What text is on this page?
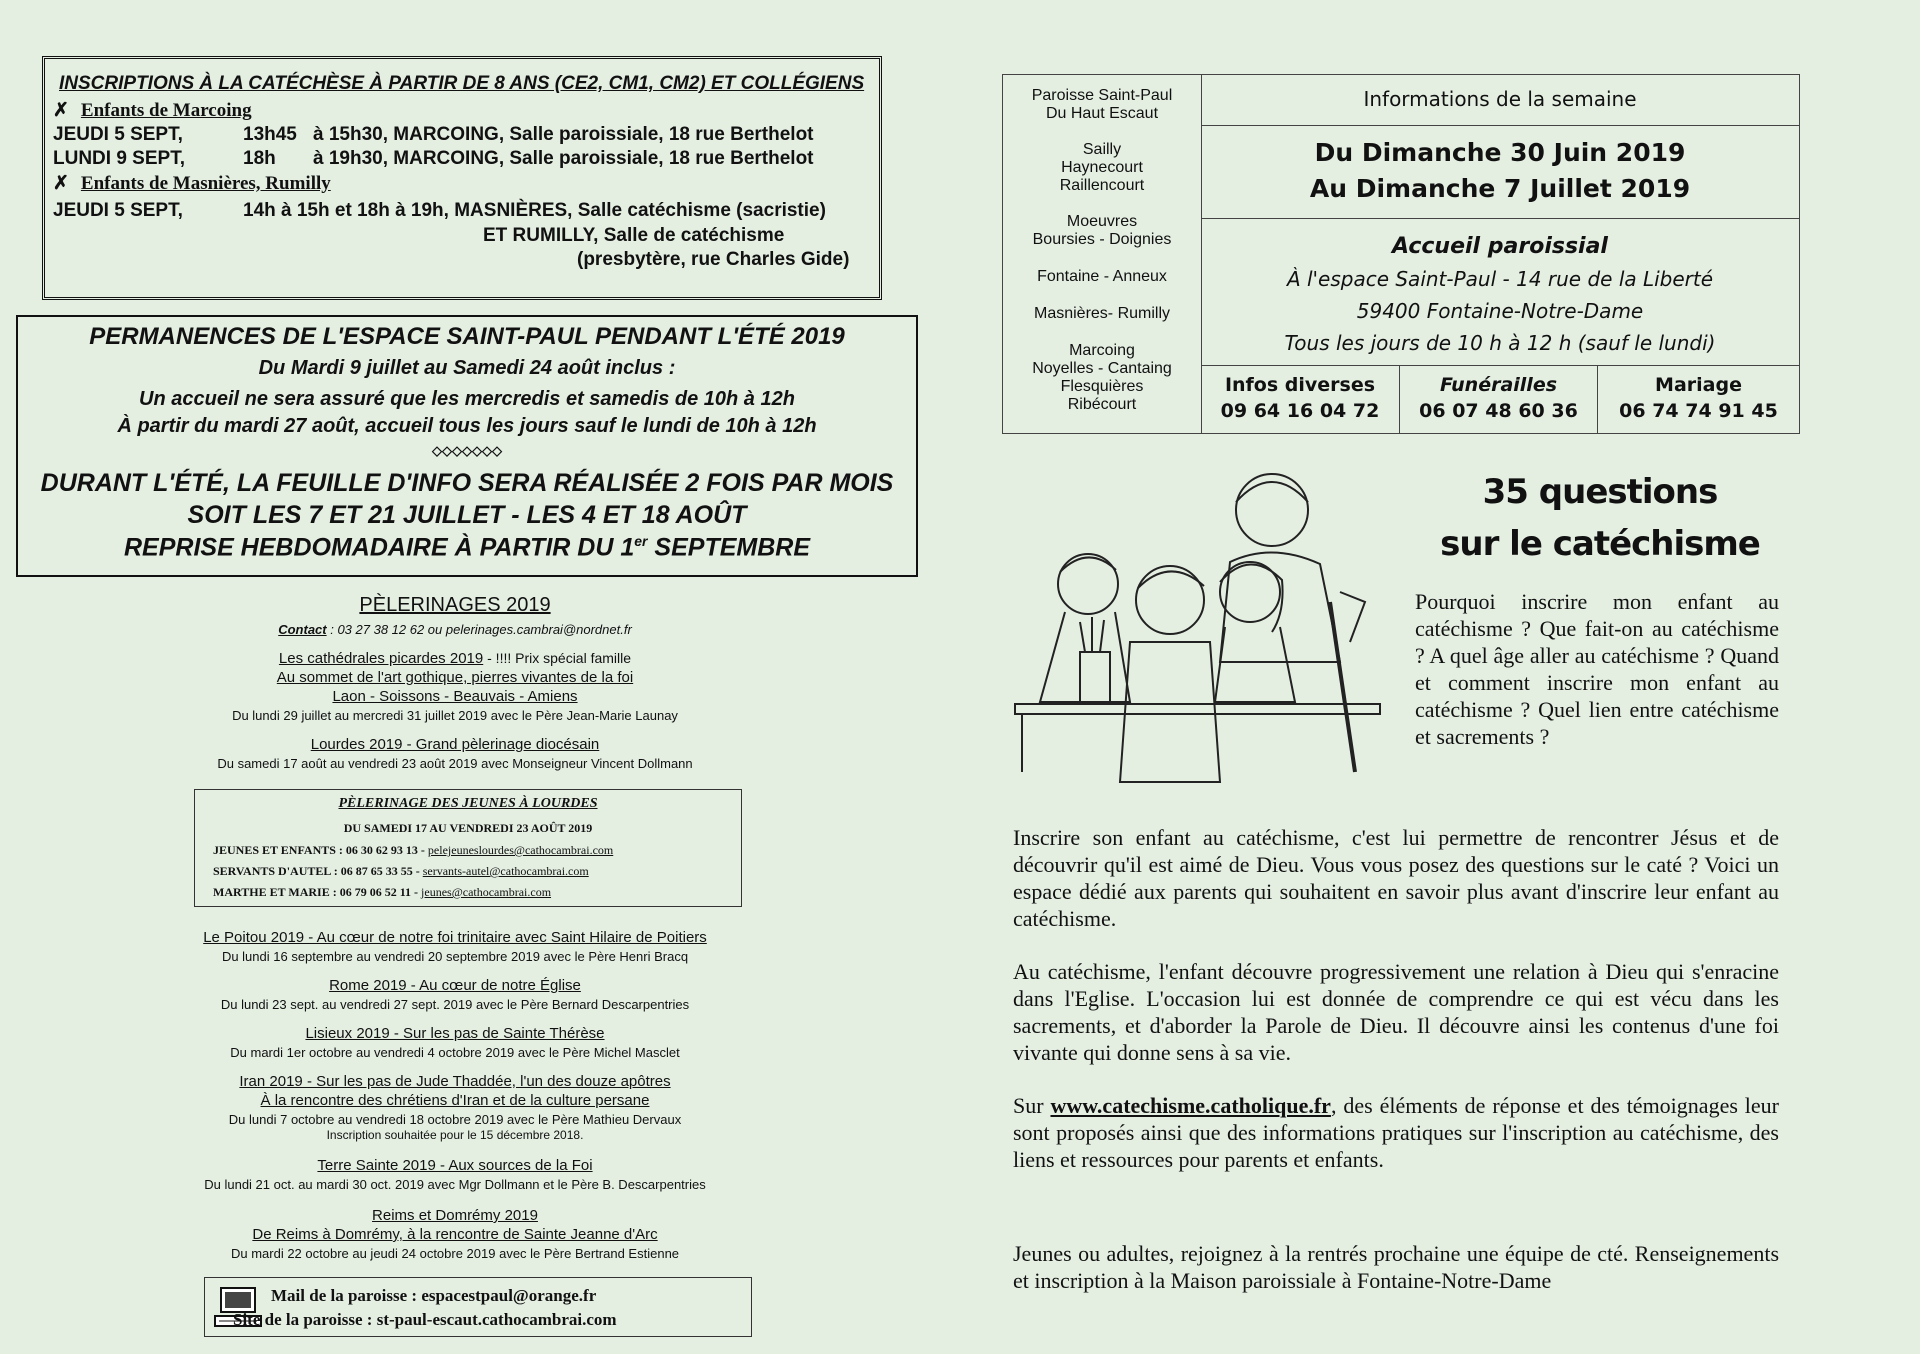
INSCRIPTIONS À LA CATÉCHÈSE À PARTIR DE 8 ANS (CE2, CM1, CM2) ET COLLÉGIENS
✗ Enfants de Marcoing
JEUDI 5 SEPT,	13h45 à 15h30, MARCOING, Salle paroissiale, 18 rue Berthelot
LUNDI 9 SEPT,	18h à 19h30, MARCOING, Salle paroissiale, 18 rue Berthelot
✗ Enfants de Masnières, Rumilly
JEUDI 5 SEPT,	14h à 15h et 18h à 19h, MASNIÈRES, Salle catéchisme (sacristie)
ET RUMILLY, Salle de catéchisme
(presbytère, rue Charles Gide)
PERMANENCES DE L'ESPACE SAINT-PAUL PENDANT L'ÉTÉ 2019
Du Mardi 9 juillet au Samedi 24 août inclus :
Un accueil ne sera assuré que les mercredis et samedis de 10h à 12h
À partir du mardi 27 août, accueil tous les jours sauf le lundi de 10h à 12h
◇◇◇◇◇◇◇
DURANT L'ÉTÉ, LA FEUILLE D'INFO SERA RÉALISÉE 2 FOIS PAR MOIS
SOIT LES 7 ET 21 JUILLET - LES 4 ET 18 AOÛT
REPRISE HEBDOMADAIRE À PARTIR DU 1er SEPTEMBRE
PÈLERINAGES 2019
Contact : 03 27 38 12 62 ou pelerinages.cambrai@nordnet.fr
Les cathédrales picardes 2019 - !!!! Prix spécial famille
Au sommet de l'art gothique, pierres vivantes de la foi
Laon - Soissons - Beauvais - Amiens
Du lundi 29 juillet au mercredi 31 juillet 2019 avec le Père Jean-Marie Launay
Lourdes 2019 - Grand pèlerinage diocésain
Du samedi 17 août au vendredi 23 août 2019 avec Monseigneur Vincent Dollmann
PÈLERINAGE DES JEUNES À LOURDES
DU SAMEDI 17 AU VENDREDI 23 AOÛT 2019
JEUNES ET ENFANTS : 06 30 62 93 13 - pelejeuneslourdes@cathocambrai.com
SERVANTS D'AUTEL : 06 87 65 33 55 - servants-autel@cathocambrai.com
MARTHE ET MARIE : 06 79 06 52 11 - jeunes@cathocambrai.com
Le Poitou 2019 - Au cœur de notre foi trinitaire avec Saint Hilaire de Poitiers
Du lundi 16 septembre au vendredi 20 septembre 2019 avec le Père Henri Bracq
Rome 2019 - Au cœur de notre Église
Du lundi 23 sept. au vendredi 27 sept. 2019 avec le Père Bernard Descarpentries
Lisieux 2019 - Sur les pas de Sainte Thérèse
Du mardi 1er octobre au vendredi 4 octobre 2019 avec le Père Michel Masclet
Iran 2019 - Sur les pas de Jude Thaddée, l'un des douze apôtres
À la rencontre des chrétiens d'Iran et de la culture persane
Du lundi 7 octobre au vendredi 18 octobre 2019 avec le Père Mathieu Dervaux
Inscription souhaitée pour le 15 décembre 2018.
Terre Sainte 2019 - Aux sources de la Foi
Du lundi 21 oct. au mardi 30 oct. 2019 avec Mgr Dollmann et le Père B. Descarpentries
Reims et Domrémy 2019
De Reims à Domrémy, à la rencontre de Sainte Jeanne d'Arc
Du mardi 22 octobre au jeudi 24 octobre 2019 avec le Père Bertrand Estienne
Mail de la paroisse : espacestpaul@orange.fr
Site de la paroisse : st-paul-escaut.cathocambrai.com
Paroisse Saint-Paul
Du Haut Escaut
Sailly
Haynecourt
Raillencourt
Moeuvres
Boursies - Doignies
Fontaine - Anneux
Masnières- Rumilly
Marcoing
Noyelles - Cantaing
Flesquières
Ribécourt
Informations de la semaine
Du Dimanche 30 Juin 2019
Au Dimanche 7 Juillet 2019
Accueil paroissial
À l'espace Saint-Paul - 14 rue de la Liberté
59400 Fontaine-Notre-Dame
Tous les jours de 10 h à 12 h (sauf le lundi)
Infos diverses
09 64 16 04 72
Funérailles
06 07 48 60 36
Mariage
06 74 74 91 45
35 questions
sur le catéchisme
Pourquoi inscrire mon enfant au catéchisme ? Que fait-on au catéchisme ? A quel âge aller au catéchisme ? Quand et comment inscrire mon enfant au catéchisme ? Quel lien entre catéchisme et sacrements ?
Inscrire son enfant au catéchisme, c'est lui permettre de rencontrer Jésus et de découvrir qu'il est aimé de Dieu. Vous vous posez des questions sur le caté ? Voici un espace dédié aux parents qui souhaitent en savoir plus avant d'inscrire leur enfant au catéchisme.
Au catéchisme, l'enfant découvre progressivement une relation à Dieu qui s'enracine dans l'Eglise. L'occasion lui est donnée de comprendre ce qui est vécu dans les sacrements, et d'aborder la Parole de Dieu. Il découvre ainsi les contenus d'une foi vivante qui donne sens à sa vie.
Sur www.catechisme.catholique.fr, des éléments de réponse et des témoignages leur sont proposés ainsi que des informations pratiques sur l'inscription au catéchisme, des liens et ressources pour parents et enfants.
Jeunes ou adultes, rejoignez à la rentrés prochaine une équipe de cté. Renseignements et inscription à la Maison paroissiale à Fontaine-Notre-Dame
